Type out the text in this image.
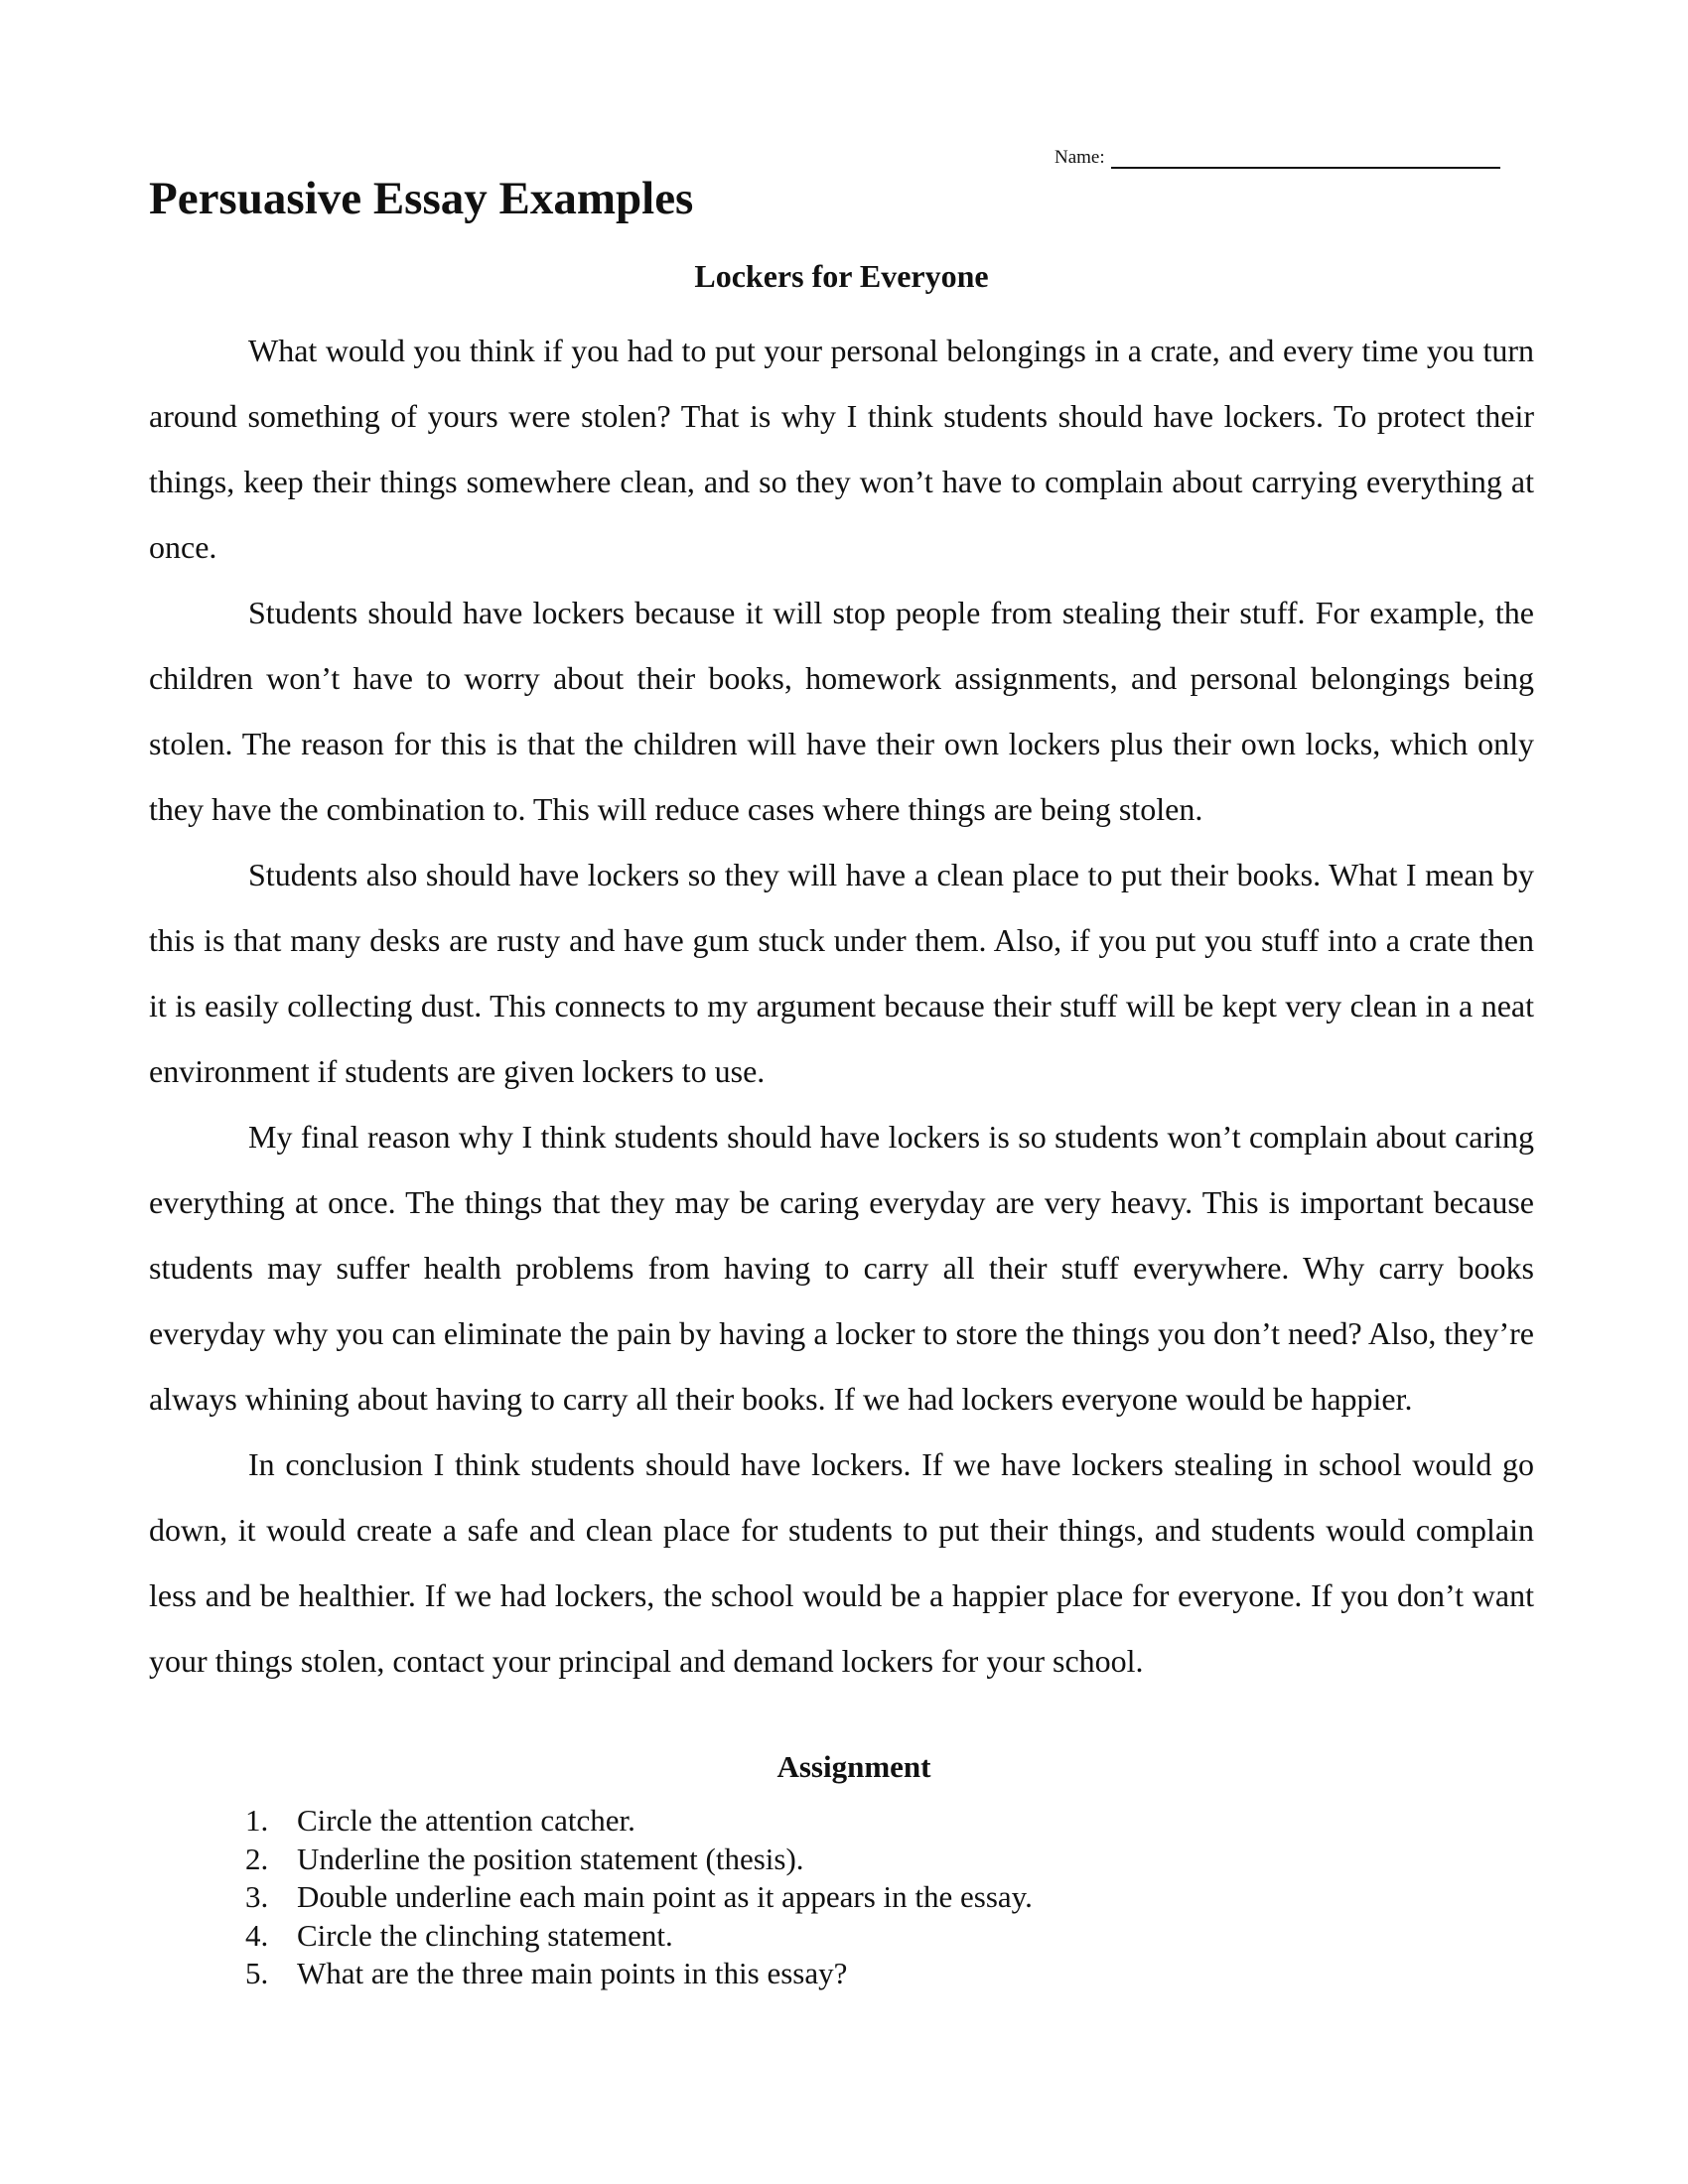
Name:
Persuasive Essay Examples
Lockers for Everyone

What would you think if you had to put your personal belongings in a crate, and every time you turn around something of yours were stolen? That is why I think students should have lockers. To protect their things, keep their things somewhere clean, and so they won’t have to complain about carrying everything at once.

Students should have lockers because it will stop people from stealing their stuff. For example, the children won’t have to worry about their books, homework assignments, and personal belongings being stolen. The reason for this is that the children will have their own lockers plus their own locks, which only they have the combination to. This will reduce cases where things are being stolen.

Students also should have lockers so they will have a clean place to put their books. What I mean by this is that many desks are rusty and have gum stuck under them. Also, if you put you stuff into a crate then it is easily collecting dust. This connects to my argument because their stuff will be kept very clean in a neat environment if students are given lockers to use.

My final reason why I think students should have lockers is so students won’t complain about caring everything at once. The things that they may be caring everyday are very heavy. This is important because students may suffer health problems from having to carry all their stuff everywhere. Why carry books everyday why you can eliminate the pain by having a locker to store the things you don’t need? Also, they’re always whining about having to carry all their books. If we had lockers everyone would be happier.

In conclusion I think students should have lockers. If we have lockers stealing in school would go down, it would create a safe and clean place for students to put their things, and students would complain less and be healthier. If we had lockers, the school would be a happier place for everyone. If you don’t want your things stolen, contact your principal and demand lockers for your school.

Assignment
1. Circle the attention catcher.
2. Underline the position statement (thesis).
3. Double underline each main point as it appears in the essay.
4. Circle the clinching statement.
5. What are the three main points in this essay?
